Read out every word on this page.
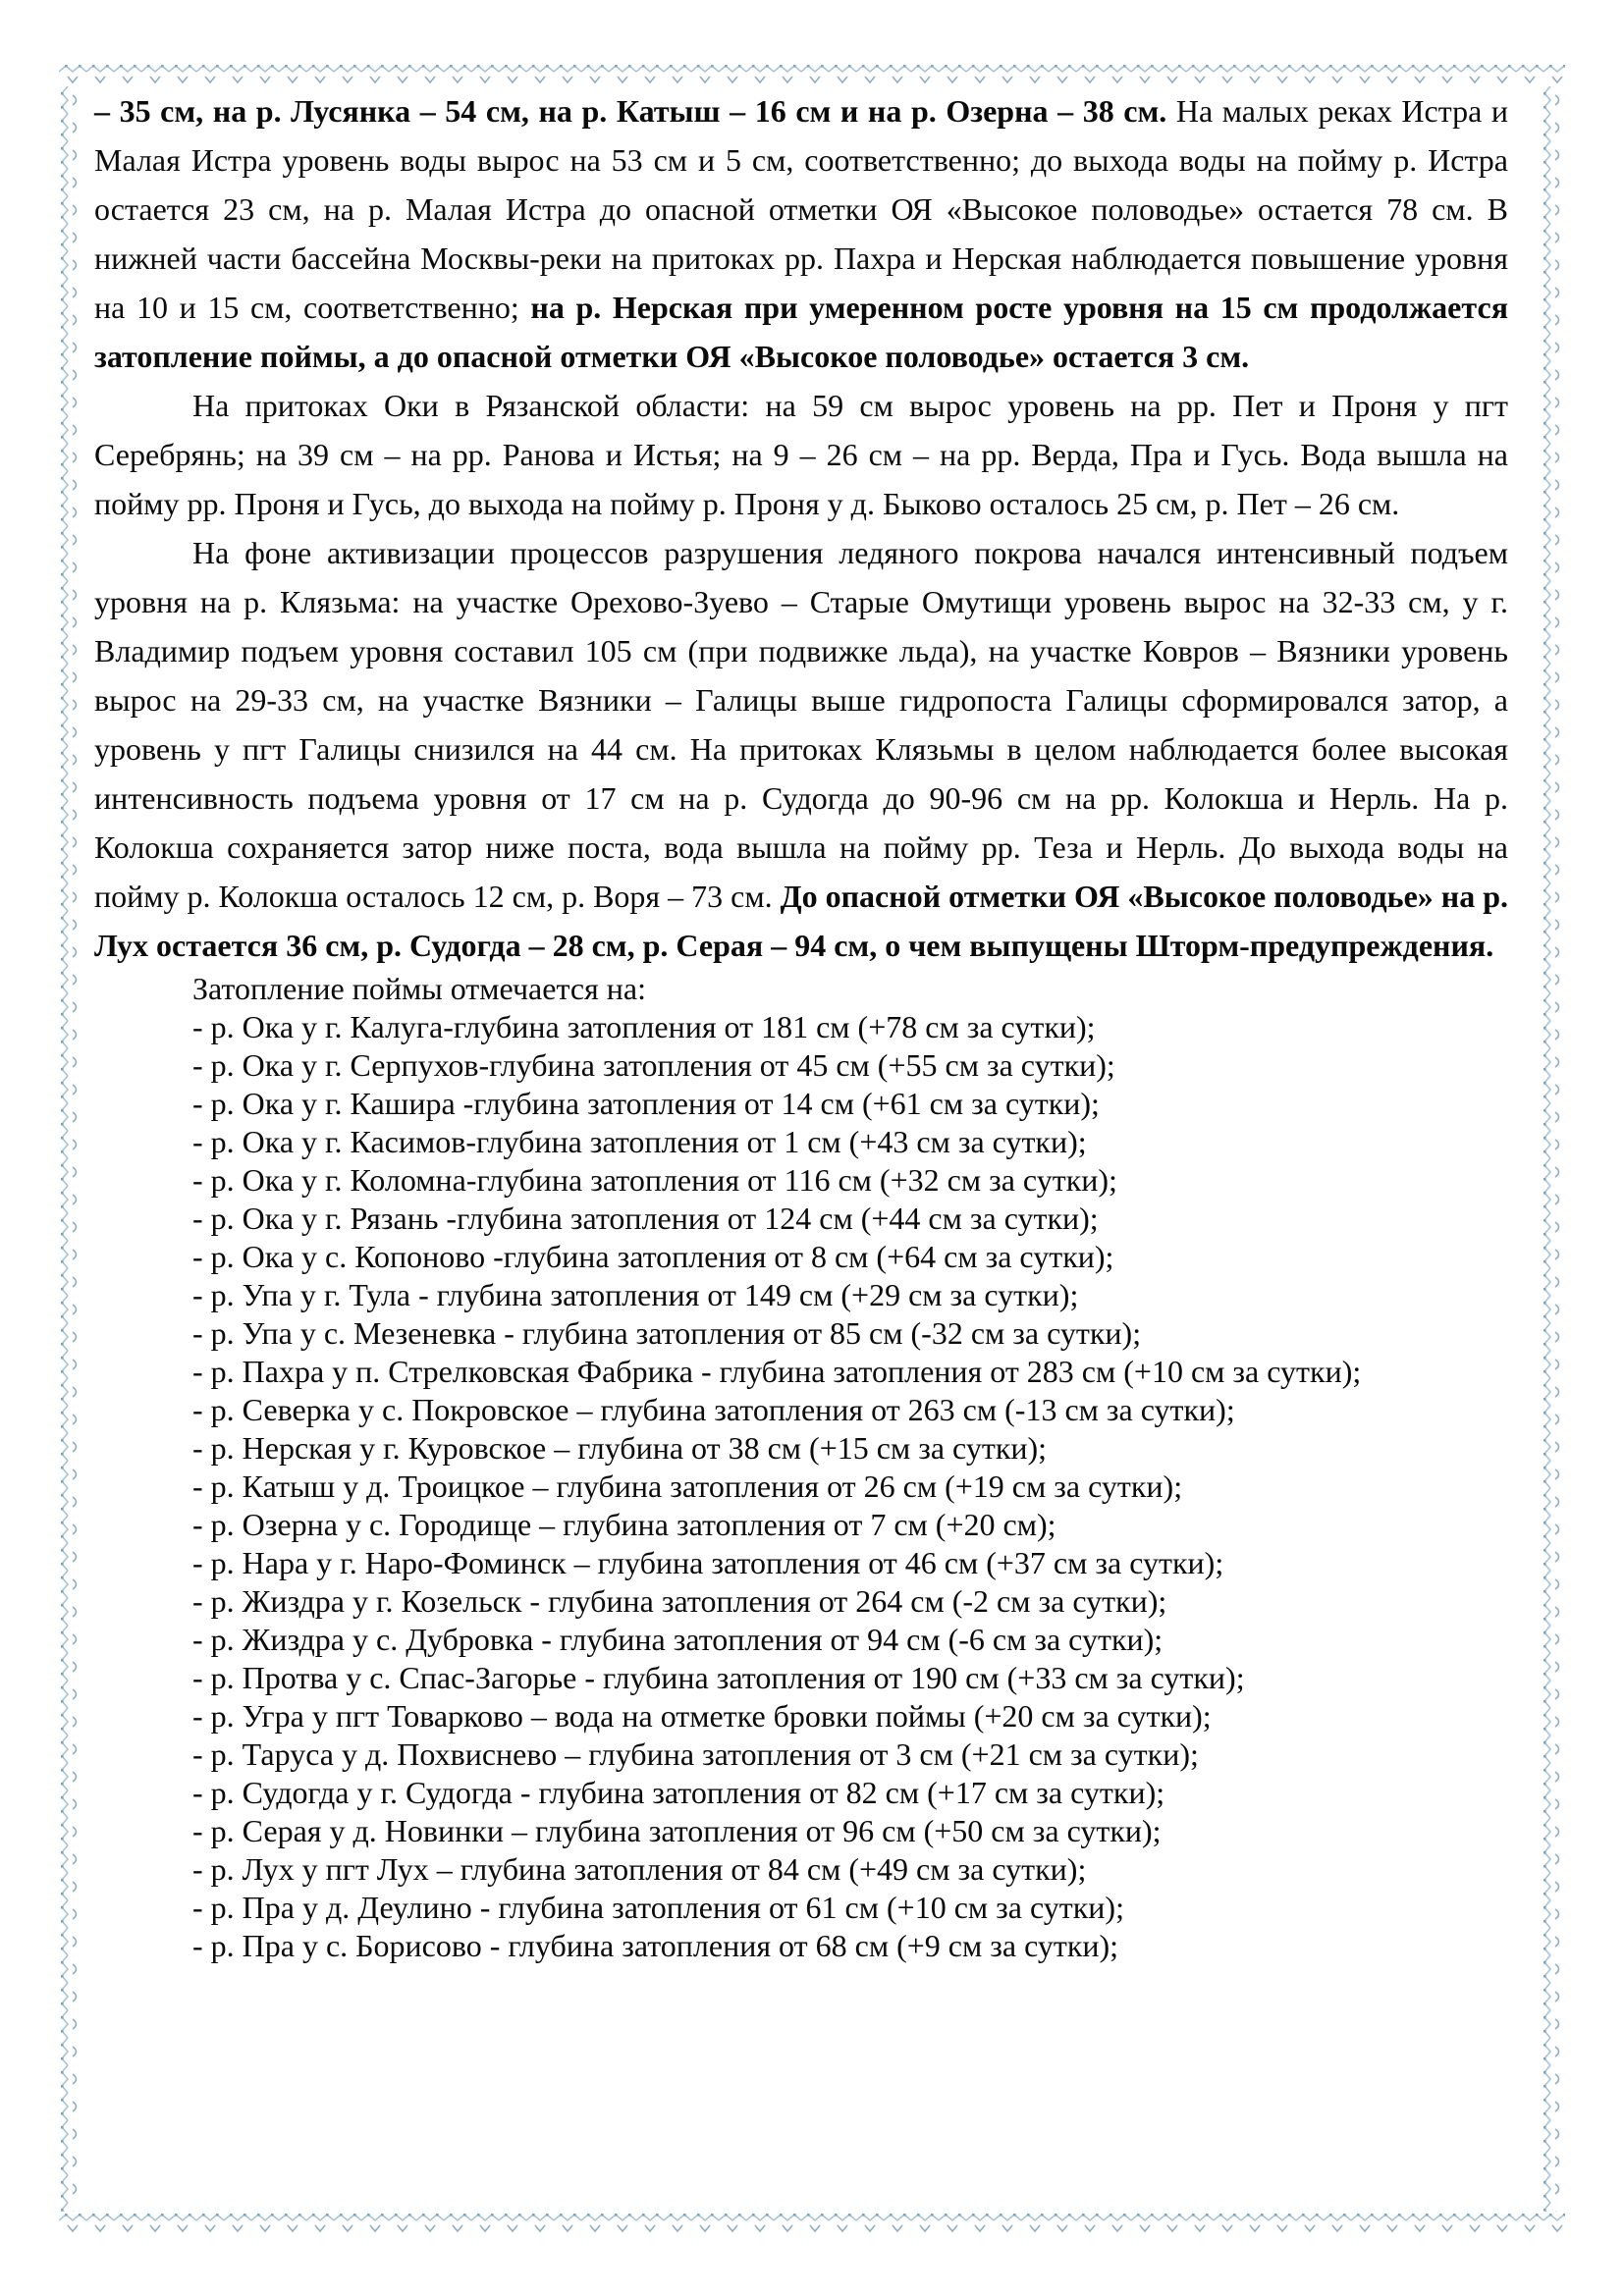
– 35 см, на р. Лусянка – 54 см, на р. Катыш – 16 см и на р. Озерна – 38 см. На малых реках Истра и Малая Истра уровень воды вырос на 53 см и 5 см, соответственно; до выхода воды на пойму р. Истра остается 23 см, на р. Малая Истра до опасной отметки ОЯ «Высокое половодье» остается 78 см. В нижней части бассейна Москвы-реки на притоках рр. Пахра и Нерская наблюдается повышение уровня на 10 и 15 см, соответственно; на р. Нерская при умеренном росте уровня на 15 см продолжается затопление поймы, а до опасной отметки ОЯ «Высокое половодье» остается 3 см.
На притоках Оки в Рязанской области: на 59 см вырос уровень на рр. Пет и Проня у пгт Серебрянь; на 39 см – на рр. Ранова и Истья; на 9 – 26 см – на рр. Верда, Пра и Гусь. Вода вышла на пойму рр. Проня и Гусь, до выхода на пойму р. Проня у д. Быково осталось 25 см, р. Пет – 26 см.
На фоне активизации процессов разрушения ледяного покрова начался интенсивный подъем уровня на р. Клязьма: на участке Орехово-Зуево – Старые Омутищи уровень вырос на 32-33 см, у г. Владимир подъем уровня составил 105 см (при подвижке льда), на участке Ковров – Вязники уровень вырос на 29-33 см, на участке Вязники – Галицы выше гидропоста Галицы сформировался затор, а уровень у пгт Галицы снизился на 44 см. На притоках Клязьмы в целом наблюдается более высокая интенсивность подъема уровня от 17 см на р. Судогда до 90-96 см на рр. Колокша и Нерль. На р. Колокша сохраняется затор ниже поста, вода вышла на пойму рр. Теза и Нерль. До выхода воды на пойму р. Колокша осталось 12 см, р. Воря – 73 см. До опасной отметки ОЯ «Высокое половодье» на р. Лух остается 36 см, р. Судогда – 28 см, р. Серая – 94 см, о чем выпущены Шторм-предупреждения.
Затопление поймы отмечается на:
- р. Ока у г. Калуга-глубина затопления от 181 см (+78 см за сутки);
- р. Ока у г. Серпухов-глубина затопления от 45 см (+55 см за сутки);
- р. Ока у г. Кашира -глубина затопления от 14 см (+61 см за сутки);
- р. Ока у г. Касимов-глубина затопления от 1 см (+43 см за сутки);
- р. Ока у г. Коломна-глубина затопления от 116 см (+32 см за сутки);
- р. Ока у г. Рязань -глубина затопления от 124 см (+44 см за сутки);
- р. Ока у с. Копоново -глубина затопления от 8 см (+64 см за сутки);
- р. Упа у г. Тула - глубина затопления от 149 см (+29 см за сутки);
- р. Упа у с. Мезеневка - глубина затопления от 85 см (-32 см за сутки);
- р. Пахра у п. Стрелковская Фабрика - глубина затопления от 283 см (+10 см за сутки);
- р. Северка у с. Покровское – глубина затопления от 263 см (-13 см за сутки);
- р. Нерская у г. Куровское – глубина от 38 см (+15 см за сутки);
- р. Катыш у д. Троицкое – глубина затопления от 26 см (+19 см за сутки);
- р. Озерна у с. Городище – глубина затопления от 7 см (+20 см);
- р. Нара у г. Наро-Фоминск – глубина затопления от 46 см (+37 см за сутки);
- р. Жиздра у г. Козельск - глубина затопления от 264 см (-2 см за сутки);
- р. Жиздра у с. Дубровка - глубина затопления от 94 см (-6 см за сутки);
- р. Протва у с. Спас-Загорье - глубина затопления от 190 см (+33 см за сутки);
- р. Угра у пгт Товарково – вода на отметке бровки поймы (+20 см за сутки);
- р. Таруса у д. Похвиснево – глубина затопления от 3 см (+21 см за сутки);
- р. Судогда у г. Судогда - глубина затопления от 82 см (+17 см за сутки);
- р. Серая у д. Новинки – глубина затопления от 96 см (+50 см за сутки);
- р. Лух у пгт Лух – глубина затопления от 84 см (+49 см за сутки);
- р. Пра у д. Деулино - глубина затопления от 61 см (+10 см за сутки);
- р. Пра у с. Борисово - глубина затопления от 68 см (+9 см за сутки);
